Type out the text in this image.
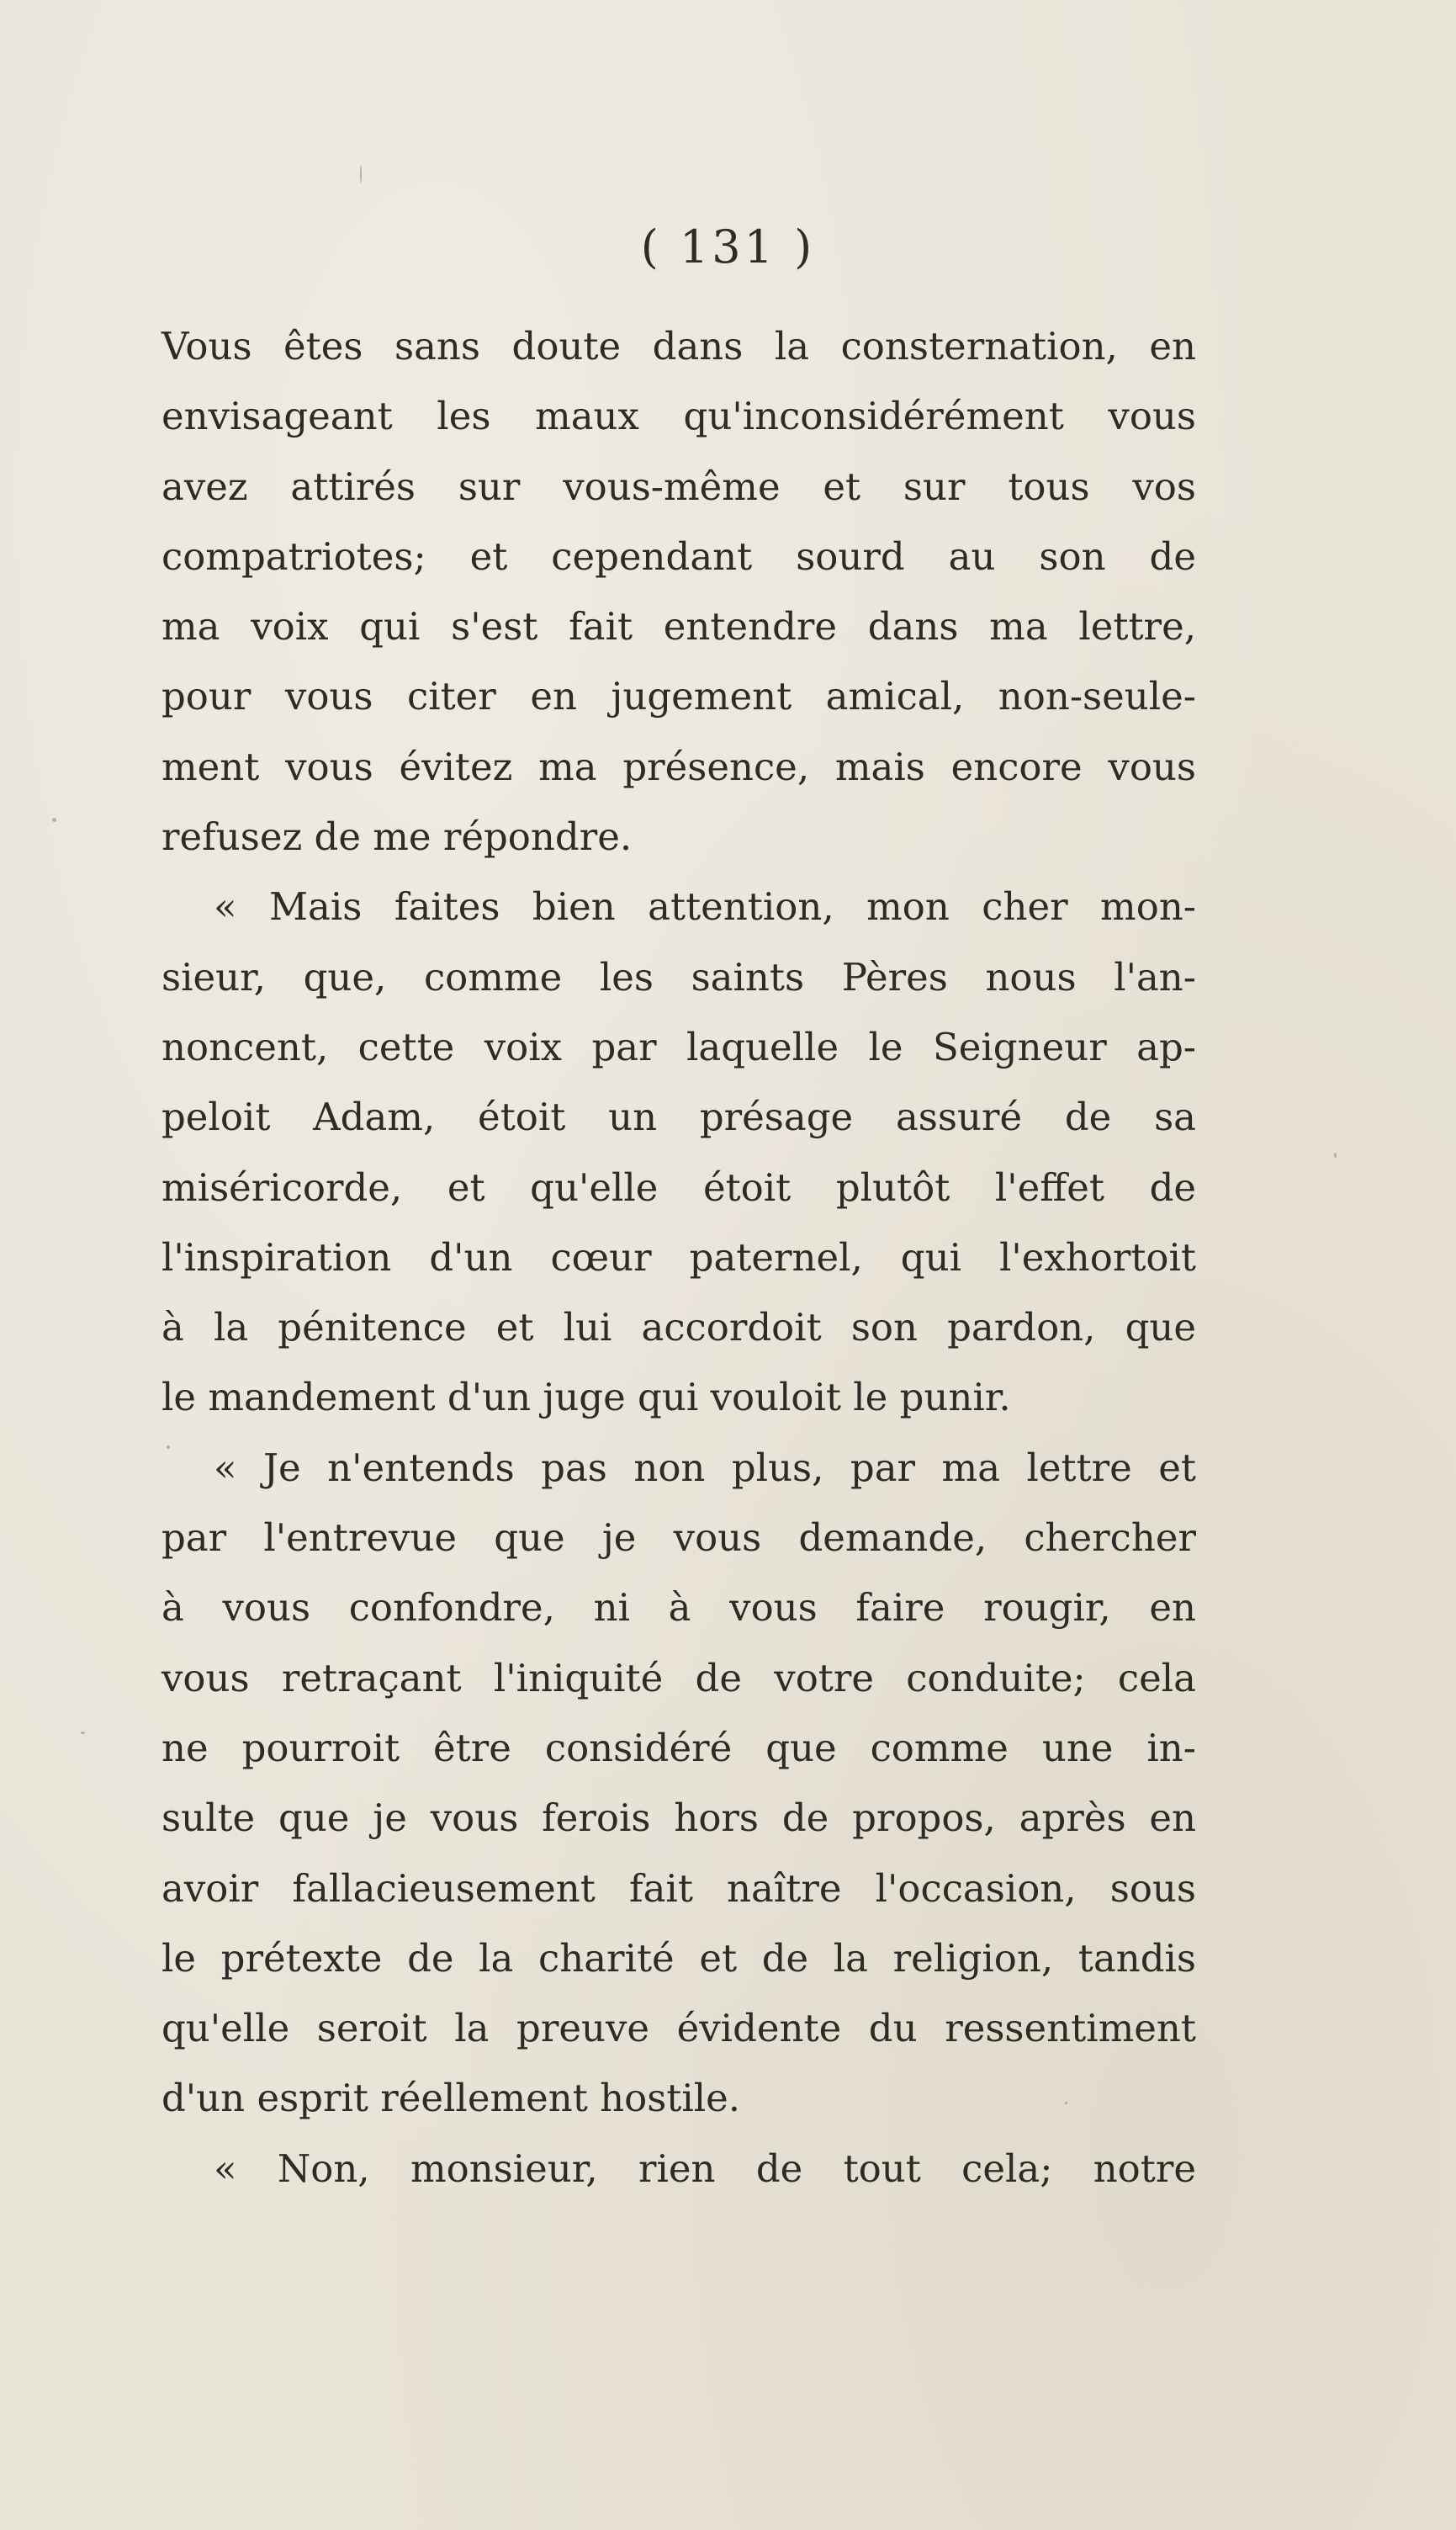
( 131 )
Vous êtes sans doute dans la consternation, en
envisageant les maux qu'inconsidérément vous
avez attirés sur vous-même et sur tous vos
compatriotes; et cependant sourd au son de
ma voix qui s'est fait entendre dans ma lettre,
pour vous citer en jugement amical, non-seule-
ment vous évitez ma présence, mais encore vous
refusez de me répondre.
« Mais faites bien attention, mon cher mon-
sieur, que, comme les saints Pères nous l'an-
noncent, cette voix par laquelle le Seigneur ap-
peloit Adam, étoit un présage assuré de sa
miséricorde, et qu'elle étoit plutôt l'effet de
l'inspiration d'un cœur paternel, qui l'exhortoit
à la pénitence et lui accordoit son pardon, que
le mandement d'un juge qui vouloit le punir.
« Je n'entends pas non plus, par ma lettre et
par l'entrevue que je vous demande, chercher
à vous confondre, ni à vous faire rougir, en
vous retraçant l'iniquité de votre conduite; cela
ne pourroit être considéré que comme une in-
sulte que je vous ferois hors de propos, après en
avoir fallacieusement fait naître l'occasion, sous
le prétexte de la charité et de la religion, tandis
qu'elle seroit la preuve évidente du ressentiment
d'un esprit réellement hostile.
« Non, monsieur, rien de tout cela; notre
